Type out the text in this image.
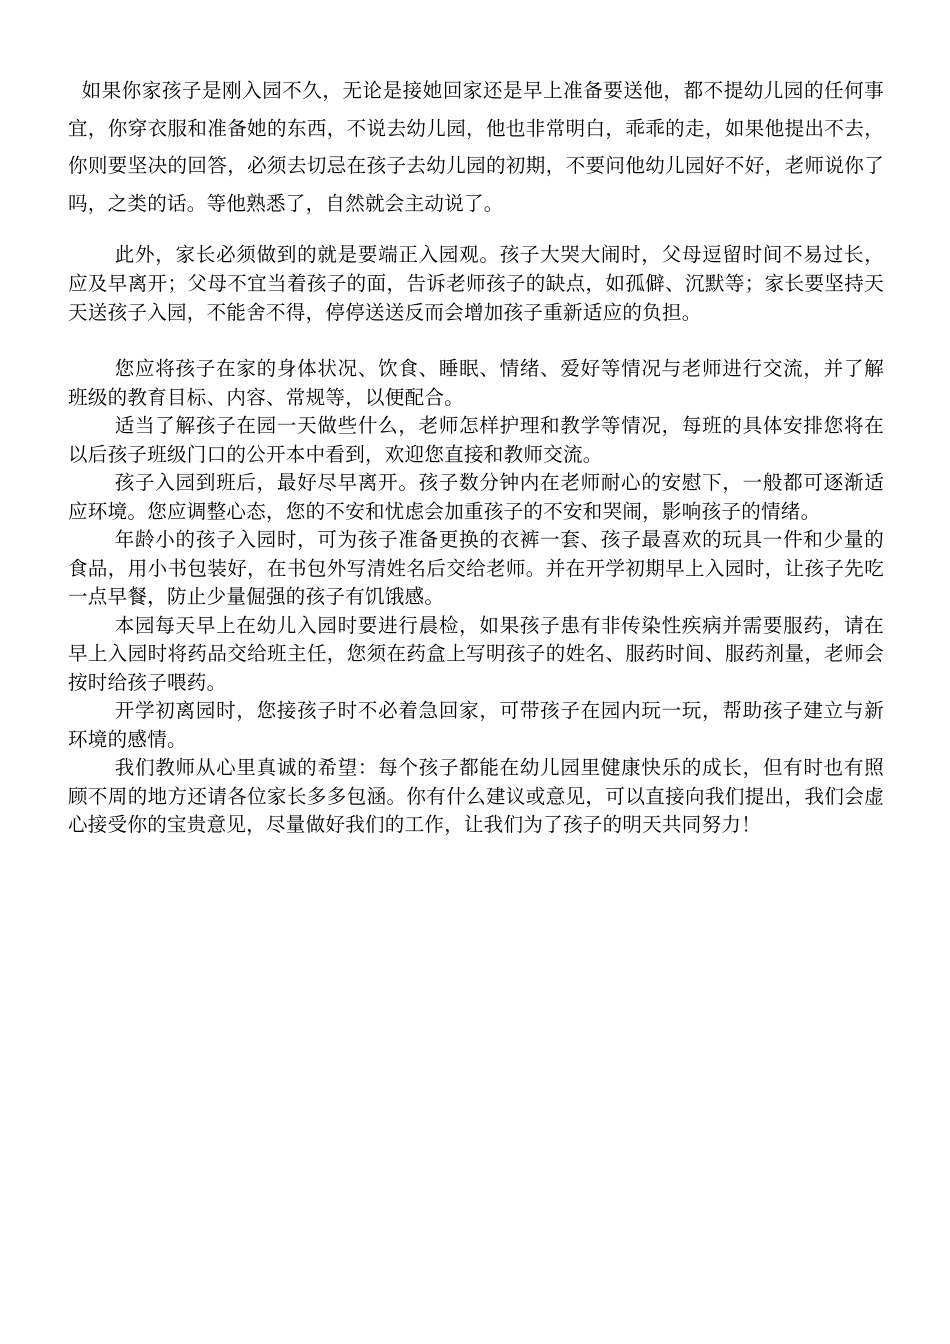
如果你家孩子是刚入园不久，无论是接她回家还是早上准备要送他，都不提幼儿园的任何事宜，你穿衣服和准备她的东西，不说去幼儿园，他也非常明白，乖乖的走，如果他提出不去，你则要坚决的回答，必须去切忌在孩子去幼儿园的初期，不要问他幼儿园好不好，老师说你了吗，之类的话。等他熟悉了，自然就会主动说了。

此外，家长必须做到的就是要端正入园观。孩子大哭大闹时，父母逗留时间不易过长，应及早离开；父母不宜当着孩子的面，告诉老师孩子的缺点，如孤僻、沉默等；家长要坚持天天送孩子入园，不能舍不得，停停送送反而会增加孩子重新适应的负担。

您应将孩子在家的身体状况、饮食、睡眠、情绪、爱好等情况与老师进行交流，并了解班级的教育目标、内容、常规等，以便配合。

适当了解孩子在园一天做些什么，老师怎样护理和教学等情况，每班的具体安排您将在以后孩子班级门口的公开本中看到，欢迎您直接和教师交流。

孩子入园到班后，最好尽早离开。孩子数分钟内在老师耐心的安慰下，一般都可逐渐适应环境。您应调整心态，您的不安和忧虑会加重孩子的不安和哭闹，影响孩子的情绪。

年龄小的孩子入园时，可为孩子准备更换的衣裤一套、孩子最喜欢的玩具一件和少量的食品，用小书包装好，在书包外写清姓名后交给老师。并在开学初期早上入园时，让孩子先吃一点早餐，防止少量倔强的孩子有饥饿感。

本园每天早上在幼儿入园时要进行晨检，如果孩子患有非传染性疾病并需要服药，请在早上入园时将药品交给班主任，您须在药盒上写明孩子的姓名、服药时间、服药剂量，老师会按时给孩子喂药。

开学初离园时，您接孩子时不必着急回家，可带孩子在园内玩一玩，帮助孩子建立与新环境的感情。

我们教师从心里真诚的希望：每个孩子都能在幼儿园里健康快乐的成长，但有时也有照顾不周的地方还请各位家长多多包涵。你有什么建议或意见，可以直接向我们提出，我们会虚心接受你的宝贵意见，尽量做好我们的工作，让我们为了孩子的明天共同努力！
